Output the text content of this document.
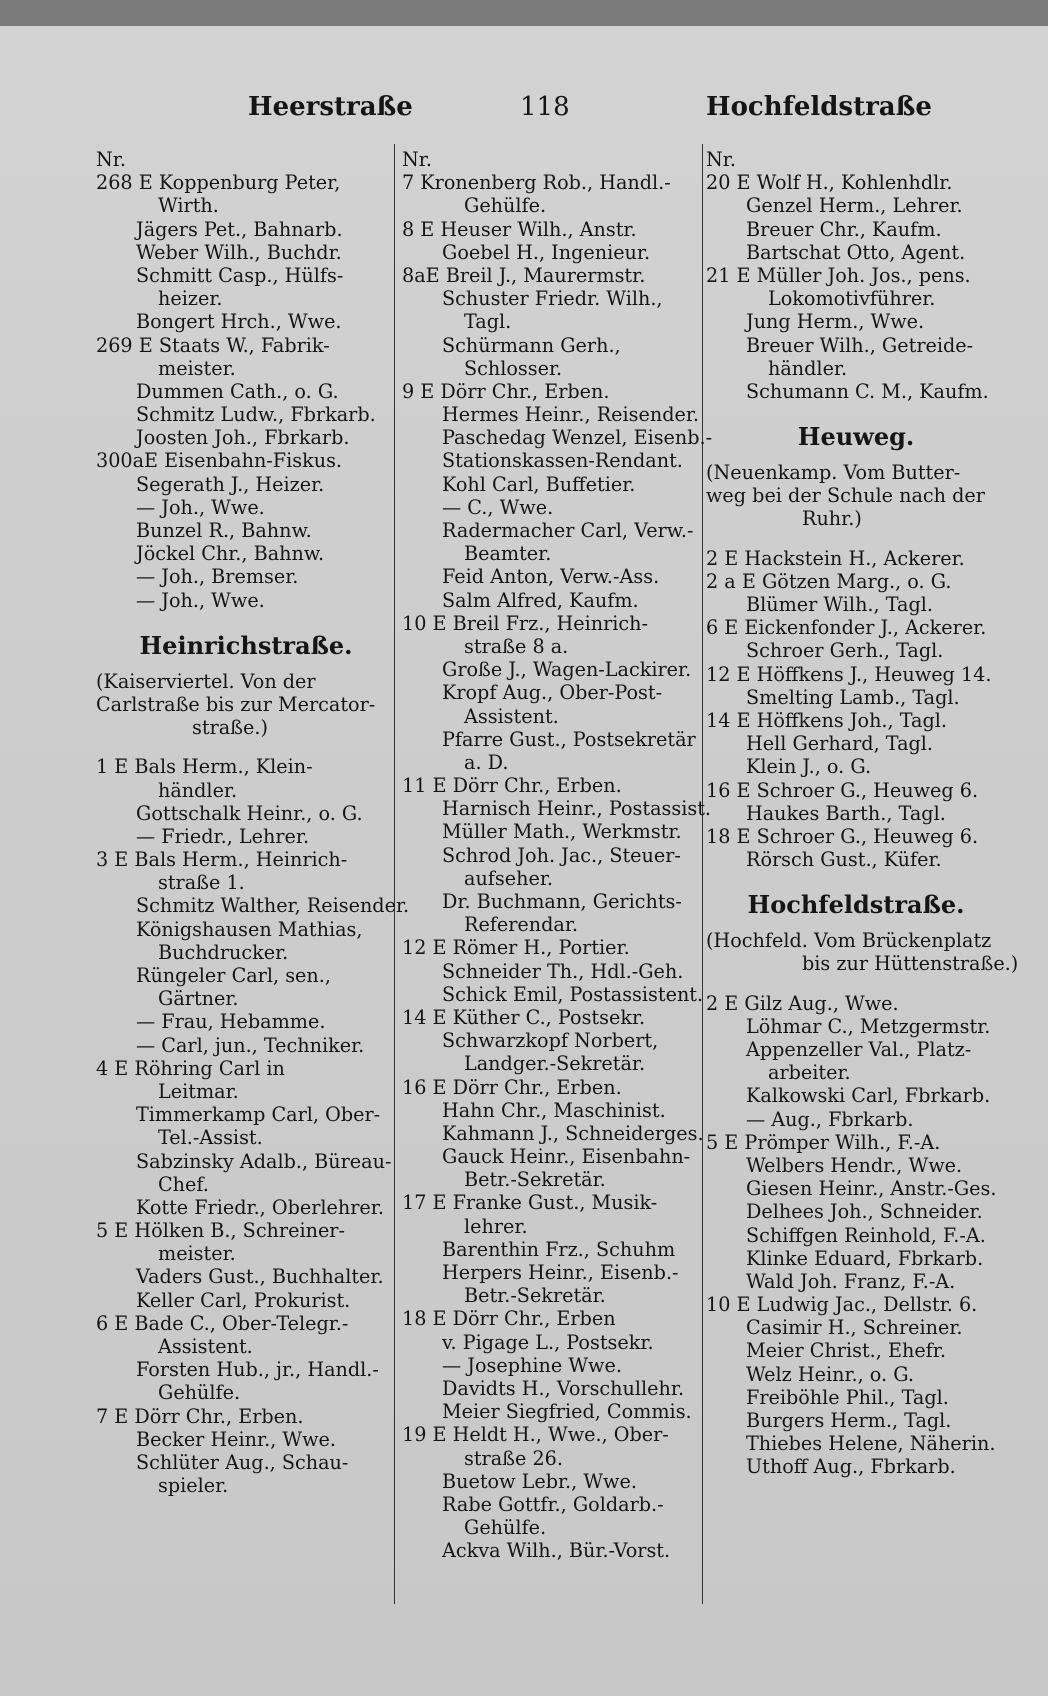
Heerstraße	118	Hochfeldstraße
Nr.
268 E Koppenburg Peter,
Wirth.
Jägers Pet., Bahnarb.
Weber Wilh., Buchdr.
Schmitt Casp., Hülfs-
heizer.
Bongert Hrch., Wwe.
269 E Staats W., Fabrik-
meister.
Dummen Cath., o. G.
Schmitz Ludw., Fbrkarb.
Joosten Joh., Fbrkarb.
300aE Eisenbahn-Fiskus.
Segerath J., Heizer.
— Joh., Wwe.
Bunzel R., Bahnw.
Jöckel Chr., Bahnw.
— Joh., Bremser.
— Joh., Wwe.
Heinrichstraße.
(Kaiserviertel. Von der
Carlstraße bis zur Mercator-
straße.)
1 E Bals Herm., Klein-
händler.
Gottschalk Heinr., o. G.
— Friedr., Lehrer.
3 E Bals Herm., Heinrich-
straße 1.
Schmitz Walther, Reisender.
Königshausen Mathias,
Buchdrucker.
Rüngeler Carl, sen.,
Gärtner.
— Frau, Hebamme.
— Carl, jun., Techniker.
4 E Röhring Carl in
Leitmar.
Timmerkamp Carl, Ober-
Tel.-Assist.
Sabzinsky Adalb., Büreau-
Chef.
Kotte Friedr., Oberlehrer.
5 E Hölken B., Schreiner-
meister.
Vaders Gust., Buchhalter.
Keller Carl, Prokurist.
6 E Bade C., Ober-Telegr.-
Assistent.
Forsten Hub., jr., Handl.-
Gehülfe.
7 E Dörr Chr., Erben.
Becker Heinr., Wwe.
Schlüter Aug., Schau-
spieler.
Nr.
7 Kronenberg Rob., Handl.-
Gehülfe.
8 E Heuser Wilh., Anstr.
Goebel H., Ingenieur.
8aE Breil J., Maurermstr.
Schuster Friedr. Wilh.,
Tagl.
Schürmann Gerh.,
Schlosser.
9 E Dörr Chr., Erben.
Hermes Heinr., Reisender.
Paschedag Wenzel, Eisenb.-
Stationskassen-Rendant.
Kohl Carl, Buffetier.
— C., Wwe.
Radermacher Carl, Verw.-
Beamter.
Feid Anton, Verw.-Ass.
Salm Alfred, Kaufm.
10 E Breil Frz., Heinrich-
straße 8 a.
Große J., Wagen-Lackirer.
Kropf Aug., Ober-Post-
Assistent.
Pfarre Gust., Postsekretär
a. D.
11 E Dörr Chr., Erben.
Harnisch Heinr., Postassist.
Müller Math., Werkmstr.
Schrod Joh. Jac., Steuer-
aufseher.
Dr. Buchmann, Gerichts-
Referendar.
12 E Römer H., Portier.
Schneider Th., Hdl.-Geh.
Schick Emil, Postassistent.
14 E Küther C., Postsekr.
Schwarzkopf Norbert,
Landger.-Sekretär.
16 E Dörr Chr., Erben.
Hahn Chr., Maschinist.
Kahmann J., Schneiderges.
Gauck Heinr., Eisenbahn-
Betr.-Sekretär.
17 E Franke Gust., Musik-
lehrer.
Barenthin Frz., Schuhm
Herpers Heinr., Eisenb.-
Betr.-Sekretär.
18 E Dörr Chr., Erben
v. Pigage L., Postsekr.
— Josephine Wwe.
Davidts H., Vorschullehr.
Meier Siegfried, Commis.
19 E Heldt H., Wwe., Ober-
straße 26.
Buetow Lebr., Wwe.
Rabe Gottfr., Goldarb.-
Gehülfe.
Ackva Wilh., Bür.-Vorst.
Nr.
20 E Wolf H., Kohlenhdlr.
Genzel Herm., Lehrer.
Breuer Chr., Kaufm.
Bartschat Otto, Agent.
21 E Müller Joh. Jos., pens.
Lokomotivführer.
Jung Herm., Wwe.
Breuer Wilh., Getreide-
händler.
Schumann C. M., Kaufm.
Heuweg.
(Neuenkamp. Vom Butter-
weg bei der Schule nach der
Ruhr.)
2 E Hackstein H., Ackerer.
2 a E Götzen Marg., o. G.
Blümer Wilh., Tagl.
6 E Eickenfonder J., Ackerer.
Schroer Gerh., Tagl.
12 E Höffkens J., Heuweg 14.
Smelting Lamb., Tagl.
14 E Höffkens Joh., Tagl.
Hell Gerhard, Tagl.
Klein J., o. G.
16 E Schroer G., Heuweg 6.
Haukes Barth., Tagl.
18 E Schroer G., Heuweg 6.
Rörsch Gust., Küfer.
Hochfeldstraße.
(Hochfeld. Vom Brückenplatz
bis zur Hüttenstraße.)
2 E Gilz Aug., Wwe.
Löhmar C., Metzgermstr.
Appenzeller Val., Platz-
arbeiter.
Kalkowski Carl, Fbrkarb.
— Aug., Fbrkarb.
5 E Prömper Wilh., F.-A.
Welbers Hendr., Wwe.
Giesen Heinr., Anstr.-Ges.
Delhees Joh., Schneider.
Schiffgen Reinhold, F.-A.
Klinke Eduard, Fbrkarb.
Wald Joh. Franz, F.-A.
10 E Ludwig Jac., Dellstr. 6.
Casimir H., Schreiner.
Meier Christ., Ehefr.
Welz Heinr., o. G.
Freiböhle Phil., Tagl.
Burgers Herm., Tagl.
Thiebes Helene, Näherin.
Uthoff Aug., Fbrkarb.
